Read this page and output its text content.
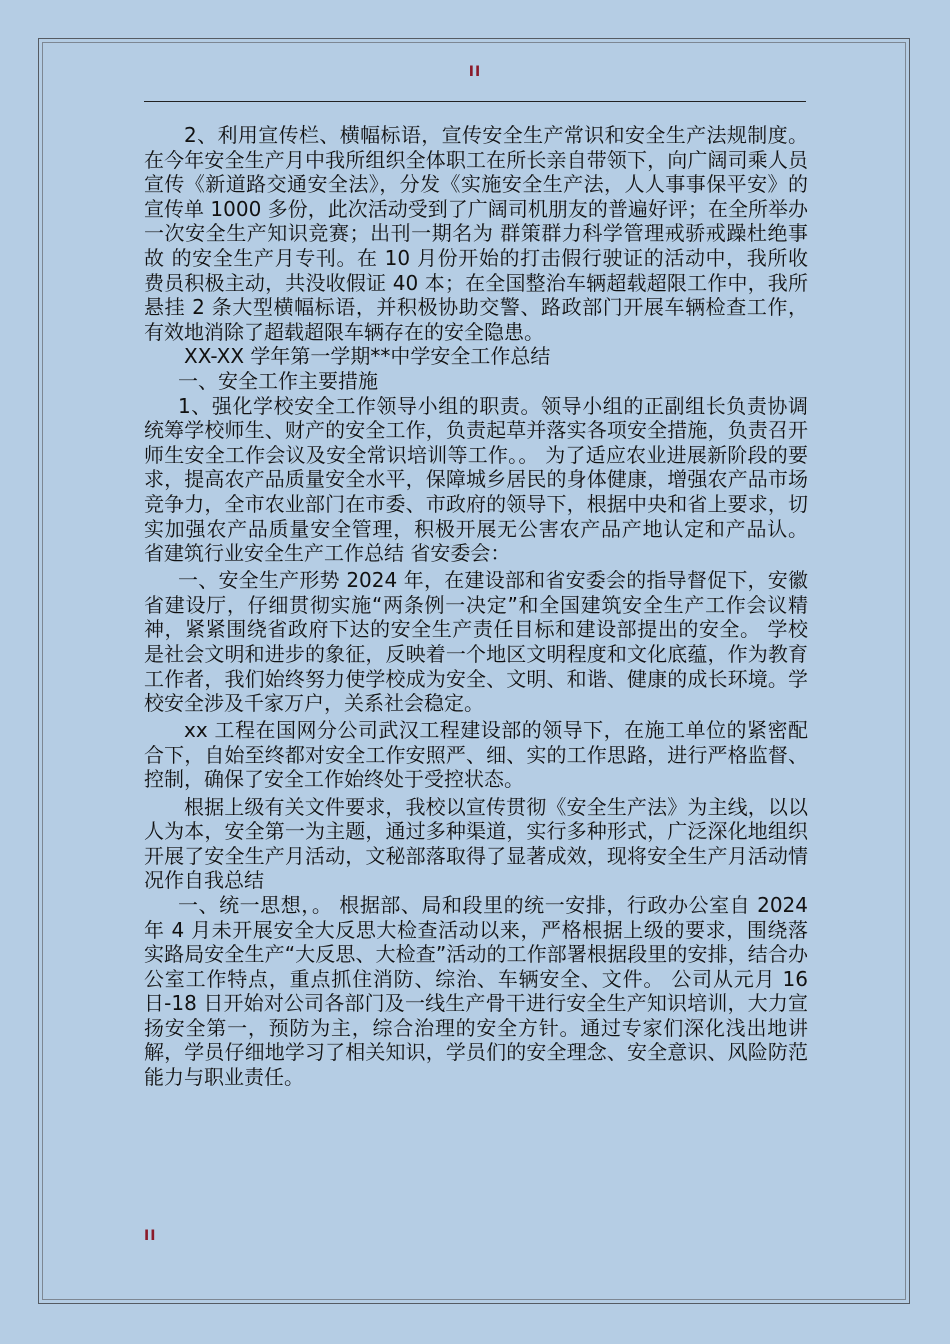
II

2、利用宣传栏、横幅标语，宣传安全生产常识和安全生产法规制度。在今年安全生产月中我所组织全体职工在所长亲自带领下，向广阔司乘人员宣传《新道路交通安全法》，分发《实施安全生产法，人人事事保平安》的宣传单 1000 多份，此次活动受到了广阔司机朋友的普遍好评；在全所举办一次安全生产知识竞赛；出刊一期名为 群策群力科学管理戒骄戒躁杜绝事故 的安全生产月专刊。在 10 月份开始的打击假行驶证的活动中，我所收费员积极主动，共没收假证 40 本；在全国整治车辆超载超限工作中，我所悬挂 2 条大型横幅标语，并积极协助交警、路政部门开展车辆检查工作，有效地消除了超载超限车辆存在的安全隐患。

XX-XX 学年第一学期**中学安全工作总结

一、安全工作主要措施

1、强化学校安全工作领导小组的职责。领导小组的正副组长负责协调统筹学校师生、财产的安全工作，负责起草并落实各项安全措施，负责召开师生安全工作会议及安全常识培训等工作。。 为了适应农业进展新阶段的要求，提高农产品质量安全水平，保障城乡居民的身体健康，增强农产品市场竞争力，全市农业部门在市委、市政府的领导下，根据中央和省上要求，切实加强农产品质量安全管理，积极开展无公害农产品产地认定和产品认。 省建筑行业安全生产工作总结 省安委会：

一、安全生产形势 2024 年，在建设部和省安委会的指导督促下，安徽省建设厅，仔细贯彻实施“两条例一决定”和全国建筑安全生产工作会议精神，紧紧围绕省政府下达的安全生产责任目标和建设部提出的安全。 学校是社会文明和进步的象征，反映着一个地区文明程度和文化底蕴，作为教育工作者，我们始终努力使学校成为安全、文明、和谐、健康的成长环境。学校安全涉及千家万户，关系社会稳定。

xx 工程在国网分公司武汉工程建设部的领导下，在施工单位的紧密配合下，自始至终都对安全工作安照严、细、实的工作思路，进行严格监督、控制，确保了安全工作始终处于受控状态。

根据上级有关文件要求，我校以宣传贯彻《安全生产法》为主线，以以人为本，安全第一为主题，通过多种渠道，实行多种形式，广泛深化地组织开展了安全生产月活动，文秘部落取得了显著成效，现将安全生产月活动情况作自我总结

一、统一思想，。 根据部、局和段里的统一安排，行政办公室自 2024 年 4 月未开展安全大反思大检查活动以来，严格根据上级的要求，围绕落实路局安全生产“大反思、大检查”活动的工作部署根据段里的安排，结合办公室工作特点，重点抓住消防、综治、车辆安全、文件。 公司从元月 16 日-18 日开始对公司各部门及一线生产骨干进行安全生产知识培训，大力宣扬安全第一，预防为主，综合治理的安全方针。通过专家们深化浅出地讲解，学员仔细地学习了相关知识，学员们的安全理念、安全意识、风险防范能力与职业责任。

II
